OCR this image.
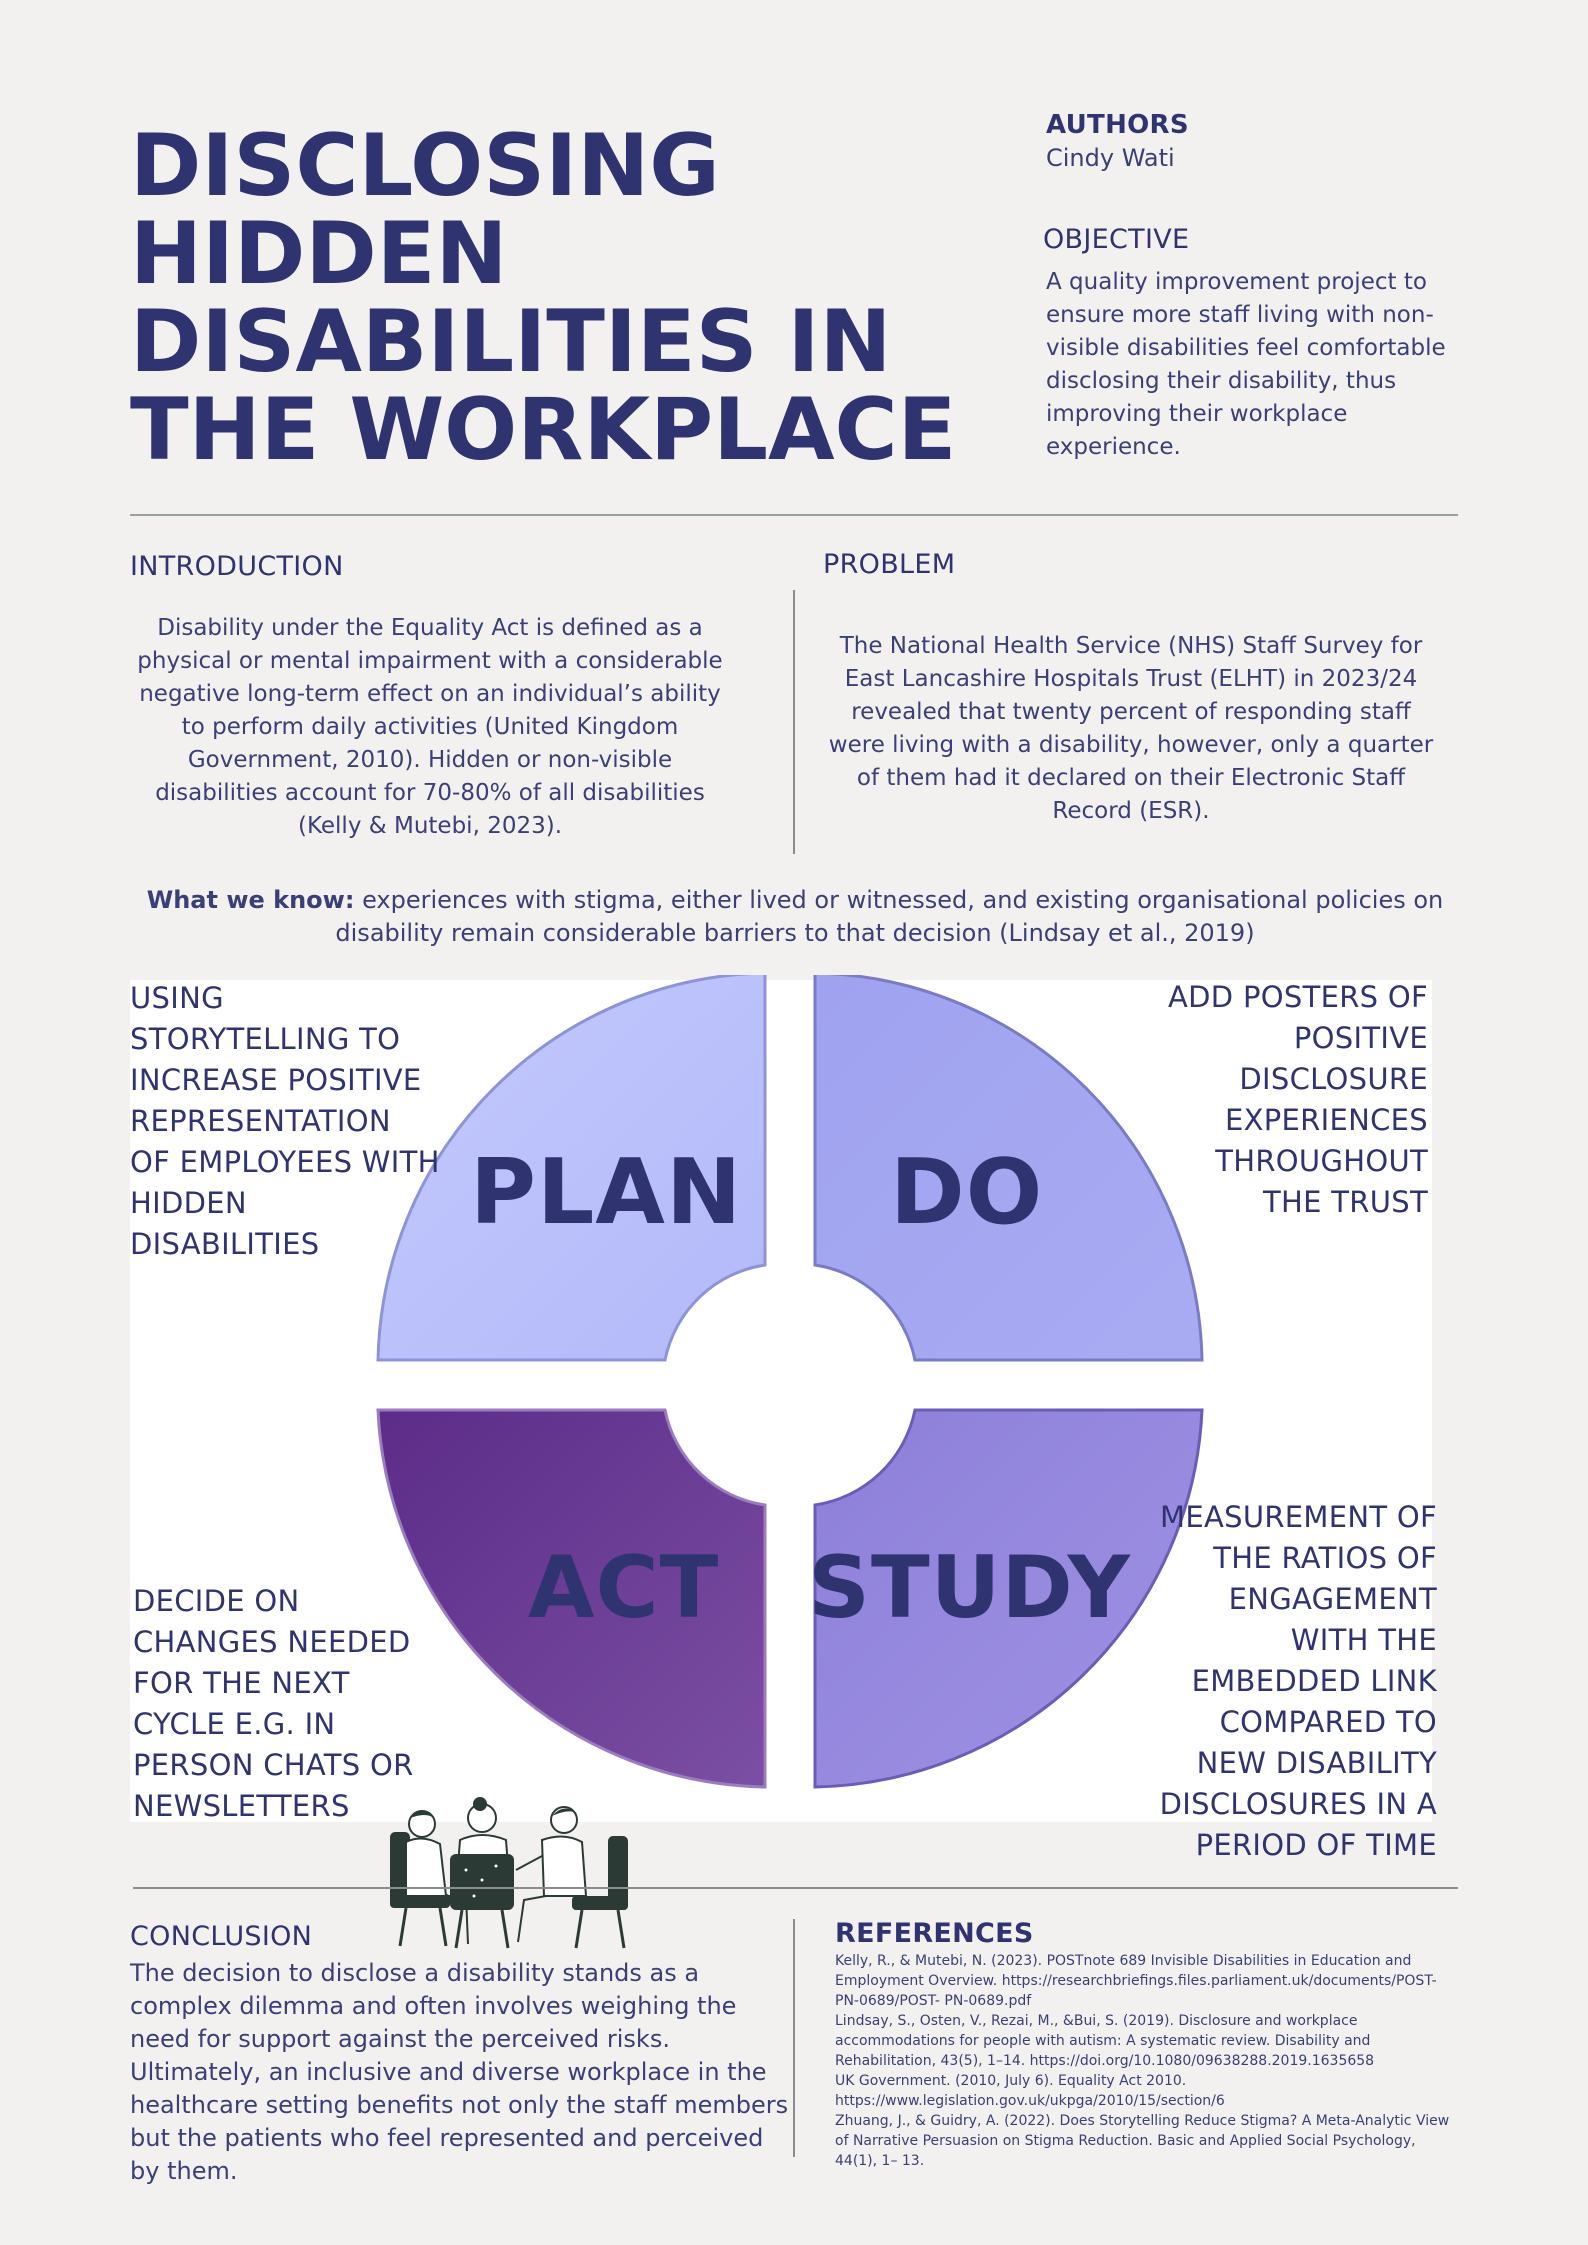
DISCLOSING
HIDDEN
DISABILITIES IN
THE WORKPLACE
AUTHORS
Cindy Wati
OBJECTIVE
A quality improvement project to ensure more staff living with non-visible disabilities feel comfortable disclosing their disability, thus improving their workplace experience.
INTRODUCTION
Disability under the Equality Act is defined as a physical or mental impairment with a considerable negative long-term effect on an individual’s ability to perform daily activities (United Kingdom Government, 2010). Hidden or non-visible disabilities account for 70-80% of all disabilities (Kelly & Mutebi, 2023).
PROBLEM
The National Health Service (NHS) Staff Survey for East Lancashire Hospitals Trust (ELHT) in 2023/24 revealed that twenty percent of responding staff were living with a disability, however, only a quarter of them had it declared on their Electronic Staff Record (ESR).
What we know: experiences with stigma, either lived or witnessed, and existing organisational policies on disability remain considerable barriers to that decision (Lindsay et al., 2019)
PLAN DO
ACT STUDY
USING STORYTELLING TO INCREASE POSITIVE REPRESENTATION OF EMPLOYEES WITH HIDDEN DISABILITIES
ADD POSTERS OF POSITIVE DISCLOSURE EXPERIENCES THROUGHOUT THE TRUST
DECIDE ON CHANGES NEEDED FOR THE NEXT CYCLE E.G. IN PERSON CHATS OR NEWSLETTERS
MEASUREMENT OF THE RATIOS OF ENGAGEMENT WITH THE EMBEDDED LINK COMPARED TO NEW DISABILITY DISCLOSURES IN A PERIOD OF TIME
CONCLUSION
The decision to disclose a disability stands as a complex dilemma and often involves weighing the need for support against the perceived risks. Ultimately, an inclusive and diverse workplace in the healthcare setting benefits not only the staff members but the patients who feel represented and perceived by them.
REFERENCES
Kelly, R., & Mutebi, N. (2023). POSTnote 689 Invisible Disabilities in Education and Employment Overview. https://researchbriefings.files.parliament.uk/documents/POST-PN-0689/POST- PN-0689.pdf
Lindsay, S., Osten, V., Rezai, M., &Bui, S. (2019). Disclosure and workplace accommodations for people with autism: A systematic review. Disability and Rehabilitation, 43(5), 1–14. https://doi.org/10.1080/09638288.2019.1635658
UK Government. (2010, July 6). Equality Act 2010. https://www.legislation.gov.uk/ukpga/2010/15/section/6
Zhuang, J., & Guidry, A. (2022). Does Storytelling Reduce Stigma? A Meta-Analytic View of Narrative Persuasion on Stigma Reduction. Basic and Applied Social Psychology, 44(1), 1– 13.
